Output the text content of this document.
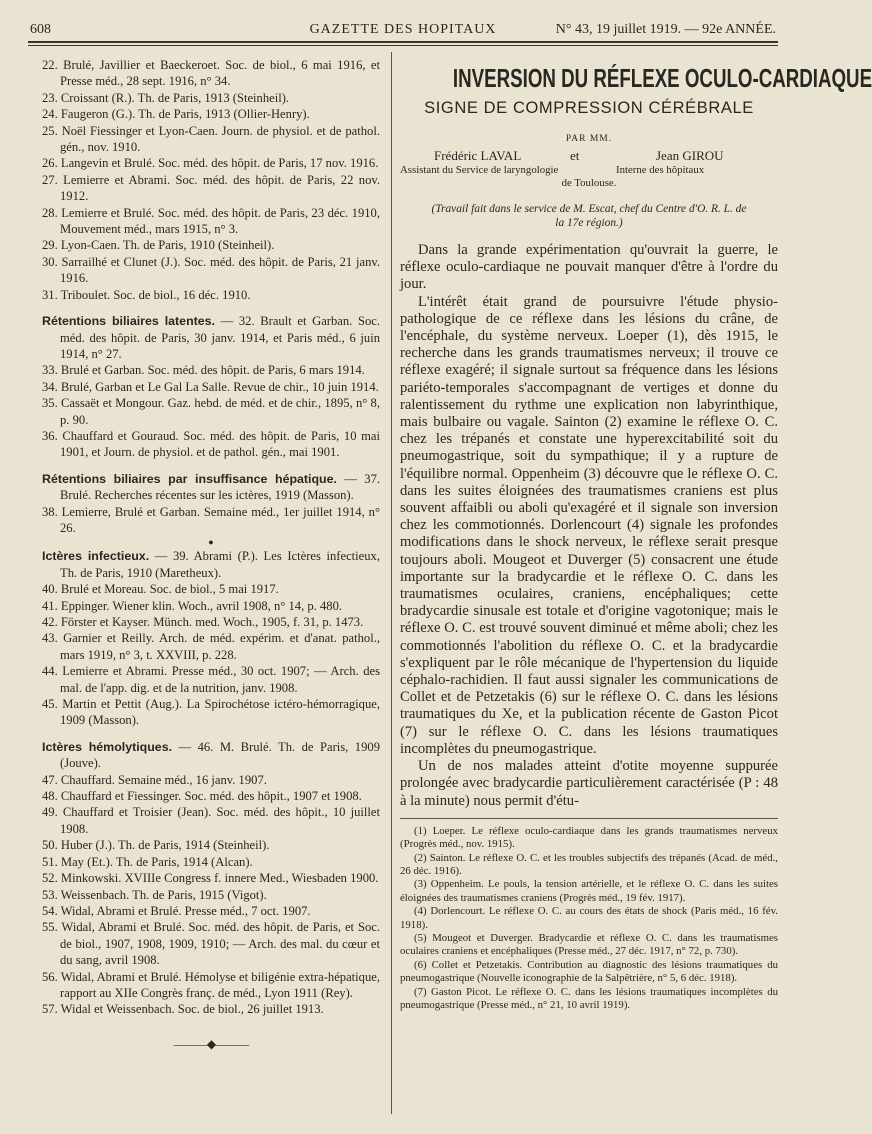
608	GAZETTE DES HOPITAUX	N° 43, 19 juillet 1919. — 92e ANNÉE.
22. Brulé, Javillier et Baeckeroet. Soc. de biol., 6 mai 1916, et Presse méd., 28 sept. 1916, n° 34.
23. Croissant (R.). Th. de Paris, 1913 (Steinheil).
24. Faugeron (G.). Th. de Paris, 1913 (Ollier-Henry).
25. Noël Fiessinger et Lyon-Caen. Journ. de physiol. et de pathol. gén., nov. 1910.
26. Langevin et Brulé. Soc. méd. des hôpit. de Paris, 17 nov. 1916.
27. Lemierre et Abrami. Soc. méd. des hôpit. de Paris, 22 nov. 1912.
28. Lemierre et Brulé. Soc. méd. des hôpit. de Paris, 23 déc. 1910, Mouvement méd., mars 1915, n° 3.
29. Lyon-Caen. Th. de Paris, 1910 (Steinheil).
30. Sarrailhé et Clunet (J.). Soc. méd. des hôpit. de Paris, 21 janv. 1916.
31. Triboulet. Soc. de biol., 16 déc. 1910.
Rétentions biliaires latentes. — 32. Brault et Garban. Soc. méd. des hôpit. de Paris, 30 janv. 1914, et Paris méd., 6 juin 1914, n° 27.
33. Brulé et Garban. Soc. méd. des hôpit. de Paris, 6 mars 1914.
34. Brulé, Garban et Le Gal La Salle. Revue de chir., 10 juin 1914.
35. Cassaët et Mongour. Gaz. hebd. de méd. et de chir., 1895, n° 8, p. 90.
36. Chauffard et Gouraud. Soc. méd. des hôpit. de Paris, 10 mai 1901, et Journ. de physiol. et de pathol. gén., mai 1901.
Rétentions biliaires par insuffisance hépatique. — 37. Brulé. Recherches récentes sur les ictères, 1919 (Masson).
38. Lemierre, Brulé et Garban. Semaine méd., 1er juillet 1914, n° 26.
●
Ictères infectieux. — 39. Abrami (P.). Les Ictères infectieux, Th. de Paris, 1910 (Maretheux).
40. Brulé et Moreau. Soc. de biol., 5 mai 1917.
41. Eppinger. Wiener klin. Woch., avril 1908, n° 14, p. 480.
42. Förster et Kayser. Münch. med. Woch., 1905, f. 31, p. 1473.
43. Garnier et Reilly. Arch. de méd. expérim. et d'anat. pathol., mars 1919, n° 3, t. XXVIII, p. 228.
44. Lemierre et Abrami. Presse méd., 30 oct. 1907; — Arch. des mal. de l'app. dig. et de la nutrition, janv. 1908.
45. Martin et Pettit (Aug.). La Spirochétose ictéro-hémorragique, 1909 (Masson).
Ictères hémolytiques. — 46. M. Brulé. Th. de Paris, 1909 (Jouve).
47. Chauffard. Semaine méd., 16 janv. 1907.
48. Chauffard et Fiessinger. Soc. méd. des hôpit., 1907 et 1908.
49. Chauffard et Troisier (Jean). Soc. méd. des hôpit., 10 juillet 1908.
50. Huber (J.). Th. de Paris, 1914 (Steinheil).
51. May (Et.). Th. de Paris, 1914 (Alcan).
52. Minkowski. XVIIIe Congress f. innere Med., Wiesbaden 1900.
53. Weissenbach. Th. de Paris, 1915 (Vigot).
54. Widal, Abrami et Brulé. Presse méd., 7 oct. 1907.
55. Widal, Abrami et Brulé. Soc. méd. des hôpit. de Paris, et Soc. de biol., 1907, 1908, 1909, 1910; — Arch. des mal. du cœur et du sang, avril 1908.
56. Widal, Abrami et Brulé. Hémolyse et biligénie extra-hépatique, rapport au XIIe Congrès franç. de méd., Lyon 1911 (Rey).
57. Widal et Weissenbach. Soc. de biol., 26 juillet 1913.
———◆———
INVERSION DU RÉFLEXE OCULO-CARDIAQUE
SIGNE DE COMPRESSION CÉRÉBRALE
PAR MM.
Frédéric LAVAL	et	Jean GIROU
Assistant du Service de laryngologie	Interne des hôpitaux
de Toulouse.
(Travail fait dans le service de M. Escat, chef du Centre d'O. R. L. de la 17e région.)

Dans la grande expérimentation qu'ouvrait la guerre, le réflexe oculo-cardiaque ne pouvait manquer d'être à l'ordre du jour.

L'intérêt était grand de poursuivre l'étude physio-pathologique de ce réflexe dans les lésions du crâne, de l'encéphale, du système nerveux. Loeper (1), dès 1915, le recherche dans les grands traumatismes nerveux; il trouve ce réflexe exagéré; il signale surtout sa fréquence dans les lésions pariéto-temporales s'accompagnant de vertiges et donne du ralentissement du rythme une explication non labyrinthique, mais bulbaire ou vagale. Sainton (2) examine le réflexe O. C. chez les trépanés et constate une hyperexcitabilité soit du pneumogastrique, soit du sympathique; il y a rupture de l'équilibre normal. Oppenheim (3) découvre que le réflexe O. C. dans les suites éloignées des traumatismes craniens est plus souvent affaibli ou aboli qu'exagéré et il signale son inversion chez les commotionnés. Dorlencourt (4) signale les profondes modifications dans le shock nerveux, le réflexe serait presque toujours aboli. Mougeot et Duverger (5) consacrent une étude importante sur la bradycardie et le réflexe O. C. dans les traumatismes oculaires, craniens, encéphaliques; cette bradycardie sinusale est totale et d'origine vagotonique; mais le réflexe O. C. est trouvé souvent diminué et même aboli; chez les commotionnés l'abolition du réflexe O. C. et la bradycardie s'expliquent par le rôle mécanique de l'hypertension du liquide céphalo-rachidien. Il faut aussi signaler les communications de Collet et de Petzetakis (6) sur le réflexe O. C. dans les lésions traumatiques du Xe, et la publication récente de Gaston Picot (7) sur le réflexe O. C. dans les lésions traumatiques incomplètes du pneumogastrique.

Un de nos malades atteint d'otite moyenne suppurée prolongée avec bradycardie particulièrement caractérisée (P : 48 à la minute) nous permit d'étu-

(1) Loeper. Le réflexe oculo-cardiaque dans les grands traumatismes nerveux (Progrès méd., nov. 1915).

(2) Sainton. Le réflexe O. C. et les troubles subjectifs des trépanés (Acad. de méd., 26 déc. 1916).

(3) Oppenheim. Le pouls, la tension artérielle, et le réflexe O. C. dans les suites éloignées des traumatismes craniens (Progrès méd., 19 fév. 1917).

(4) Dorlencourt. Le réflexe O. C. au cours des états de shock (Paris méd., 16 fév. 1918).

(5) Mougeot et Duverger. Bradycardie et réflexe O. C. dans les traumatismes oculaires craniens et encéphaliques (Presse méd., 27 déc. 1917, n° 72, p. 730).

(6) Collet et Petzetakis. Contribution au diagnostic des lésions traumatiques du pneumogastrique (Nouvelle iconographie de la Salpêtrière, n° 5, 6 déc. 1918).

(7) Gaston Picot. Le réflexe O. C. dans les lésions traumatiques incomplètes du pneumogastrique (Presse méd., n° 21, 10 avril 1919).
